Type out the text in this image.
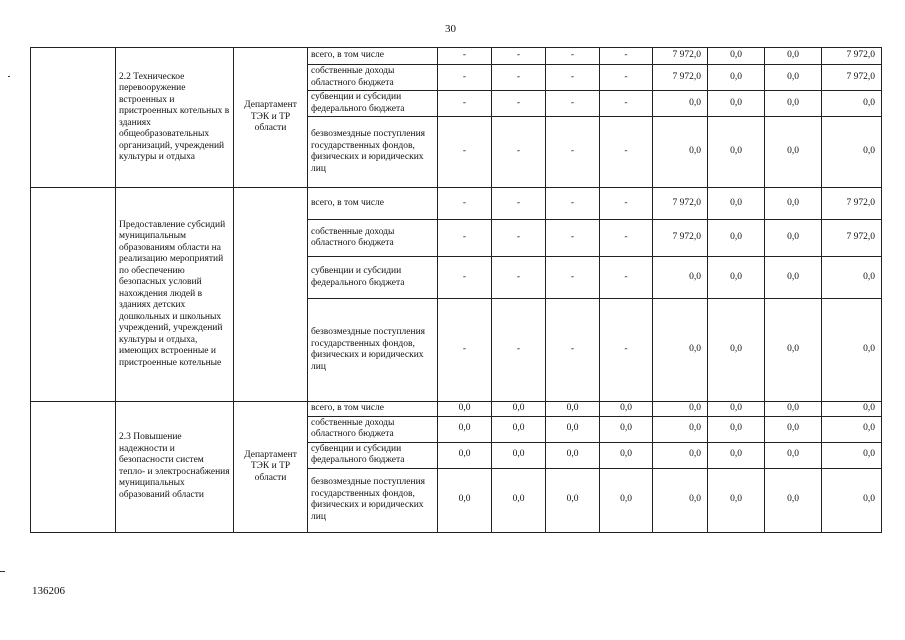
30
	2.2 Техническое перевооружение встроенных и пристроенных котельных в зданиях общеобразовательных организаций, учреждений культуры и отдыха	Департамент ТЭК и ТР области	всего, в том числе	-	-	-	-	7 972,0	0,0	0,0	7 972,0
			собственные доходы областного бюджета	-	-	-	-	7 972,0	0,0	0,0	7 972,0
			субвенции и субсидии федерального бюджета	-	-	-	-	0,0	0,0	0,0	0,0
			безвозмездные поступления государственных фондов, физических и юридических лиц	-	-	-	-	0,0	0,0	0,0	0,0
	Предоставление субсидий муниципальным образованиям области на реализацию мероприятий по обеспечению безопасных условий нахождения людей в зданиях детских дошкольных и школьных учреждений, учреждений культуры и отдыха, имеющих встроенные и пристроенные котельные		всего, в том числе	-	-	-	-	7 972,0	0,0	0,0	7 972,0
			собственные доходы областного бюджета	-	-	-	-	7 972,0	0,0	0,0	7 972,0
			субвенции и субсидии федерального бюджета	-	-	-	-	0,0	0,0	0,0	0,0
			безвозмездные поступления государственных фондов, физических и юридических лиц	-	-	-	-	0,0	0,0	0,0	0,0
	2.3 Повышение надежности и безопасности систем тепло- и электроснабжения муниципальных образований области	Департамент ТЭК и ТР области	всего, в том числе	0,0	0,0	0,0	0,0	0,0	0,0	0,0	0,0
			собственные доходы областного бюджета	0,0	0,0	0,0	0,0	0,0	0,0	0,0	0,0
			субвенции и субсидии федерального бюджета	0,0	0,0	0,0	0,0	0,0	0,0	0,0	0,0
			безвозмездные поступления государственных фондов, физических и юридических лиц	0,0	0,0	0,0	0,0	0,0	0,0	0,0	0,0
136206
